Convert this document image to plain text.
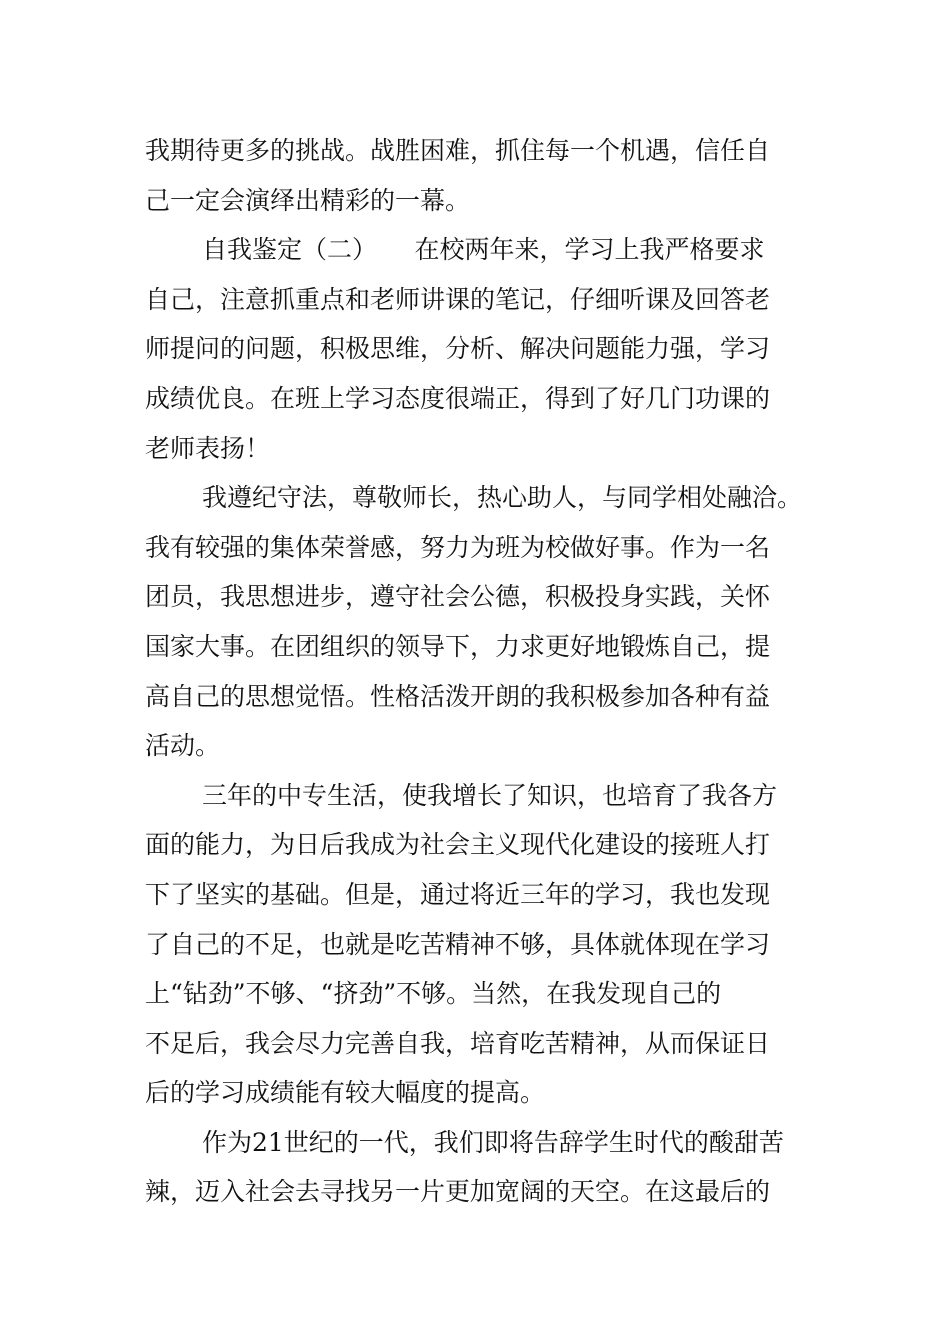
我期待更多的挑战。战胜困难，抓住每一个机遇，信任自
己一定会演绎出精彩的一幕。
自我鉴定（二）　　在校两年来，学习上我严格要求
自己，注意抓重点和老师讲课的笔记，仔细听课及回答老
师提问的问题，积极思维，分析、解决问题能力强，学习
成绩优良。在班上学习态度很端正，得到了好几门功课的
老师表扬！
我遵纪守法，尊敬师长，热心助人，与同学相处融洽。
我有较强的集体荣誉感，努力为班为校做好事。作为一名
团员，我思想进步，遵守社会公德，积极投身实践，关怀
国家大事。在团组织的领导下，力求更好地锻炼自己，提
高自己的思想觉悟。性格活泼开朗的我积极参加各种有益
活动。
三年的中专生活，使我增长了知识，也培育了我各方
面的能力，为日后我成为社会主义现代化建设的接班人打
下了坚实的基础。但是，通过将近三年的学习，我也发现
了自己的不足，也就是吃苦精神不够，具体就体现在学习
上“钻劲”不够、“挤劲”不够。当然，在我发现自己的
不足后，我会尽力完善自我，培育吃苦精神，从而保证日
后的学习成绩能有较大幅度的提高。
作为21世纪的一代，我们即将告辞学生时代的酸甜苦
辣，迈入社会去寻找另一片更加宽阔的天空。在这最后的
